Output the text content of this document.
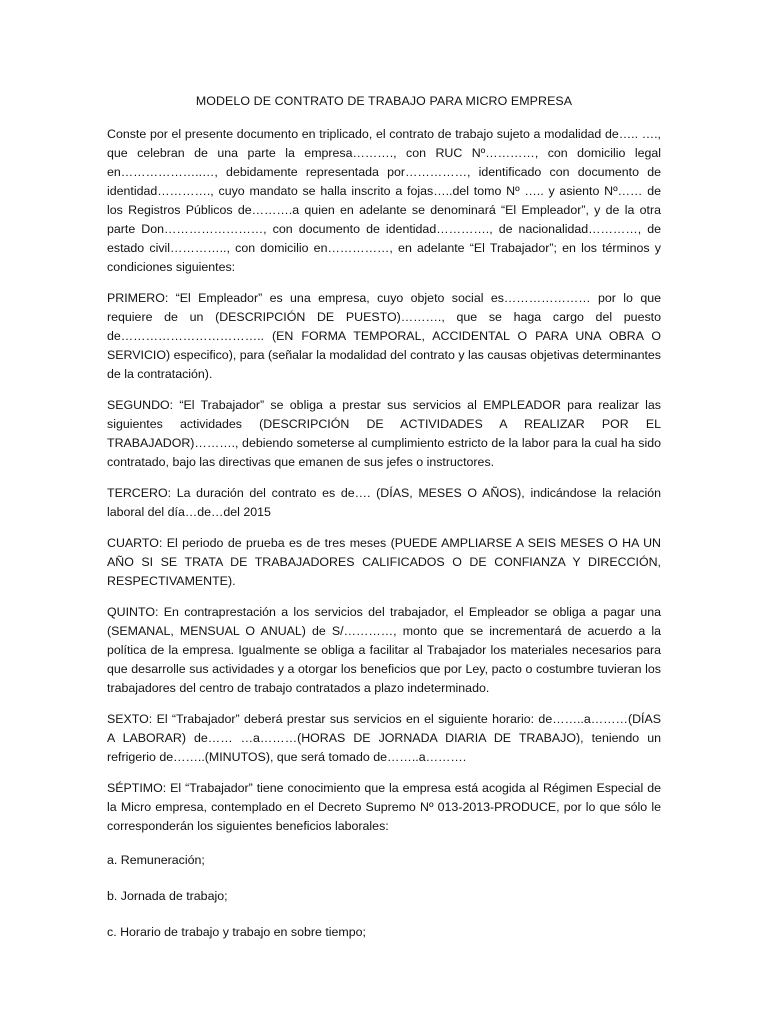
MODELO DE CONTRATO DE TRABAJO PARA MICRO EMPRESA
Conste por el presente documento en triplicado, el contrato de trabajo sujeto a modalidad de….. …., que celebran de una parte la empresa………., con RUC Nº…………, con domicilio legal en………………..…, debidamente representada por……………, identificado con documento de identidad…………., cuyo mandato se halla inscrito a fojas…..del tomo Nº ….. y asiento Nº…… de los Registros Públicos de……….a quien en adelante se denominará “El Empleador”, y de la otra parte Don……………………, con documento de identidad…………., de nacionalidad…………, de estado civil………….., con domicilio en……………, en adelante “El Trabajador”; en los términos y condiciones siguientes:
PRIMERO: “El Empleador” es una empresa, cuyo objeto social es………………… por lo que requiere de un (DESCRIPCIÓN DE PUESTO)………., que se haga cargo del puesto de…………………………….. (EN FORMA TEMPORAL, ACCIDENTAL O PARA UNA OBRA O SERVICIO) especifico), para (señalar la modalidad del contrato y las causas objetivas determinantes de la contratación).
SEGUNDO: “El Trabajador” se obliga a prestar sus servicios al EMPLEADOR para realizar las siguientes actividades (DESCRIPCIÓN DE ACTIVIDADES A REALIZAR POR EL TRABAJADOR)………., debiendo someterse al cumplimiento estricto de la labor para la cual ha sido contratado, bajo las directivas que emanen de sus jefes o instructores.
TERCERO: La duración del contrato es de…. (DÍAS, MESES O AÑOS), indicándose la relación laboral del día…de…del 2015
CUARTO: El periodo de prueba es de tres meses (PUEDE AMPLIARSE A SEIS MESES O HA UN AÑO SI SE TRATA DE TRABAJADORES CALIFICADOS O DE CONFIANZA Y DIRECCIÓN, RESPECTIVAMENTE).
QUINTO: En contraprestación a los servicios del trabajador, el Empleador se obliga a pagar una (SEMANAL, MENSUAL O ANUAL) de S/…………, monto que se incrementará de acuerdo a la política de la empresa. Igualmente se obliga a facilitar al Trabajador los materiales necesarios para que desarrolle sus actividades y a otorgar los beneficios que por Ley, pacto o costumbre tuvieran los trabajadores del centro de trabajo contratados a plazo indeterminado.
SEXTO: El “Trabajador” deberá prestar sus servicios en el siguiente horario: de……..a………(DÍAS A LABORAR) de…… …a………(HORAS DE JORNADA DIARIA DE TRABAJO), teniendo un refrigerio de……..(MINUTOS), que será tomado de……..a……….
SÉPTIMO: El “Trabajador” tiene conocimiento que la empresa está acogida al Régimen Especial de la Micro empresa, contemplado en el Decreto Supremo Nº 013-2013-PRODUCE, por lo que sólo le corresponderán los siguientes beneficios laborales:
a. Remuneración;
b. Jornada de trabajo;
c. Horario de trabajo y trabajo en sobre tiempo;
